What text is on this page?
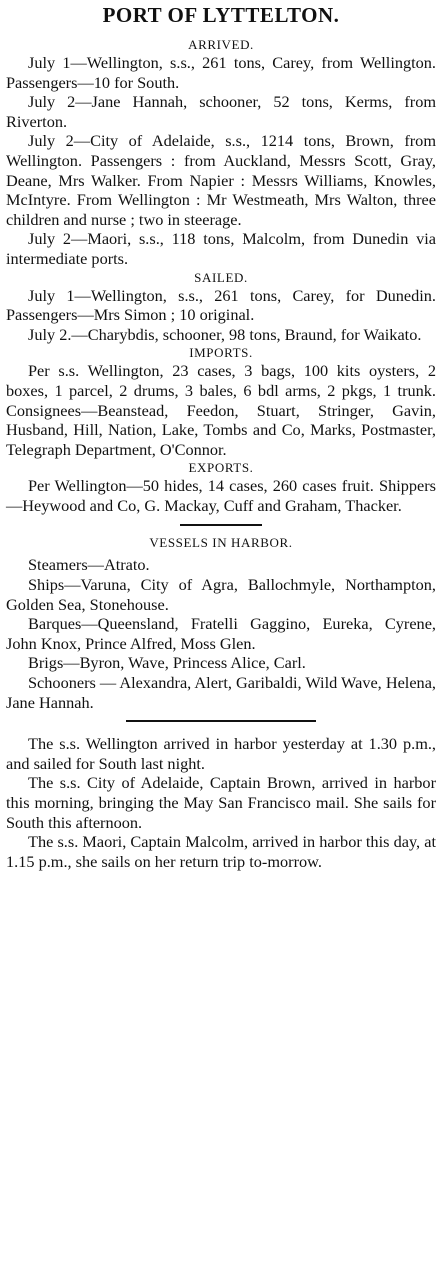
PORT OF LYTTELTON.
ARRIVED.

July 1—Wellington, s.s., 261 tons, Carey, from Wellington. Passengers—10 for South.

July 2—Jane Hannah, schooner, 52 tons, Kerms, from Riverton.

July 2—City of Adelaide, s.s., 1214 tons, Brown, from Wellington. Passengers : from Auckland, Messrs Scott, Gray, Deane, Mrs Walker. From Napier : Messrs Williams, Knowles, McIntyre. From Wellington : Mr Westmeath, Mrs Walton, three children and nurse ; two in steerage.

July 2—Maori, s.s., 118 tons, Malcolm, from Dunedin via intermediate ports.

SAILED.

July 1—Wellington, s.s., 261 tons, Carey, for Dunedin. Passengers—Mrs Simon ; 10 original.

July 2.—Charybdis, schooner, 98 tons, Braund, for Waikato.

IMPORTS.

Per s.s. Wellington, 23 cases, 3 bags, 100 kits oysters, 2 boxes, 1 parcel, 2 drums, 3 bales, 6 bdl arms, 2 pkgs, 1 trunk. Consignees—Beanstead, Feedon, Stuart, Stringer, Gavin, Husband, Hill, Nation, Lake, Tombs and Co, Marks, Postmaster, Telegraph Department, O'Connor.

EXPORTS.

Per Wellington—50 hides, 14 cases, 260 cases fruit. Shippers—Heywood and Co, G. Mackay, Cuff and Graham, Thacker.

VESSELS IN HARBOR.

Steamers—Atrato.

Ships—Varuna, City of Agra, Ballochmyle, Northampton, Golden Sea, Stonehouse.

Barques—Queensland, Fratelli Gaggino, Eureka, Cyrene, John Knox, Prince Alfred, Moss Glen.

Brigs—Byron, Wave, Princess Alice, Carl.

Schooners — Alexandra, Alert, Garibaldi, Wild Wave, Helena, Jane Hannah.

The s.s. Wellington arrived in harbor yesterday at 1.30 p.m., and sailed for South last night.

The s.s. City of Adelaide, Captain Brown, arrived in harbor this morning, bringing the May San Francisco mail. She sails for South this afternoon.

The s.s. Maori, Captain Malcolm, arrived in harbor this day, at 1.15 p.m., she sails on her return trip to-morrow.
